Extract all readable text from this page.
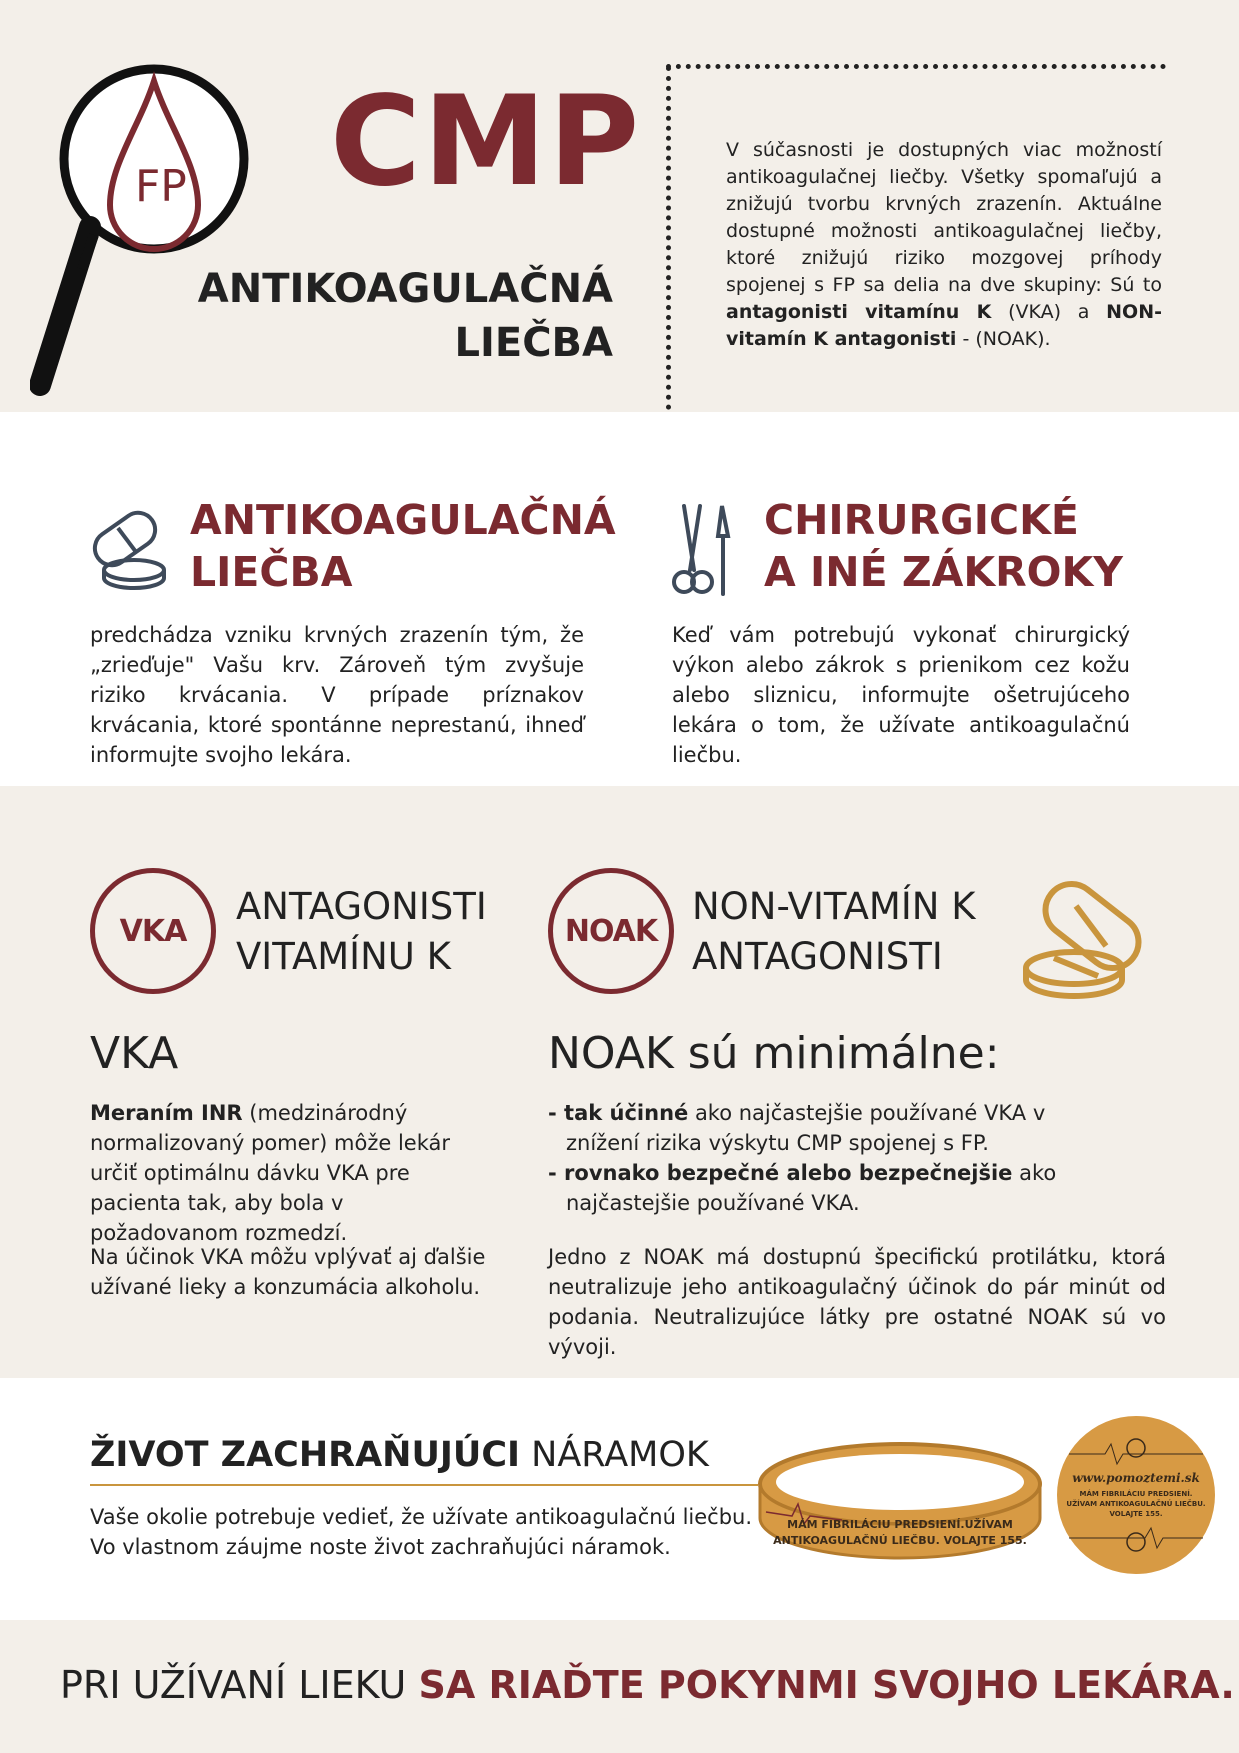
FP CMP
ANTIKOAGULAČNÁ
LIEČBA
V súčasnosti je dostupných viac možností antikoagulačnej liečby. Všetky spomaľujú a znižujú tvorbu krvných zrazenín. Aktuálne dostupné možnosti antikoagulačnej liečby, ktoré znižujú riziko mozgovej príhody spojenej s FP sa delia na dve skupiny: Sú to antagonisti vitamínu K (VKA) a NON-vitamín K antagonisti - (NOAK).
ANTIKOAGULAČNÁ
LIEČBA
predchádza vzniku krvných zrazenín tým, že „zrieďuje" Vašu krv. Zároveň tým zvyšuje riziko krvácania. V prípade príznakov krvácania, ktoré spontánne neprestanú, ihneď informujte svojho lekára.
CHIRURGICKÉ
A INÉ ZÁKROKY
Keď vám potrebujú vykonať chirurgický výkon alebo zákrok s prienikom cez kožu alebo sliznicu, informujte ošetrujúceho lekára o tom, že užívate antikoagulačnú liečbu.
VKA
ANTAGONISTI
VITAMÍNU K
VKA
Meraním INR (medzinárodný normalizovaný pomer) môže lekár určiť optimálnu dávku VKA pre pacienta tak, aby bola v požadovanom rozmedzí.
Na účinok VKA môžu vplývať aj ďalšie užívané lieky a konzumácia alkoholu.
NOAK
NON-VITAMÍN K
ANTAGONISTI
NOAK sú minimálne:
- tak účinné ako najčastejšie používané VKA v znížení rizika výskytu CMP spojenej s FP.
- rovnako bezpečné alebo bezpečnejšie ako najčastejšie používané VKA.
Jedno z NOAK má dostupnú špecifickú protilátku, ktorá neutralizuje jeho antikoagulačný účinok do pár minút od podania. Neutralizujúce látky pre ostatné NOAK sú vo vývoji.
ŽIVOT ZACHRAŇUJÚCI NÁRAMOK
Vaše okolie potrebuje vedieť, že užívate antikoagulačnú liečbu.
Vo vlastnom záujme noste život zachraňujúci náramok.
MÁM FIBRILÁCIU PREDSIENÍ.UŽÍVAM
ANTIKOAGULAČNÚ LIEČBU. VOLAJTE 155.
www.pomoztemi.sk
MÁM FIBRILÁCIU PREDSIENÍ.
UŽÍVAM ANTIKOAGULAČNÚ LIEČBU.
VOLAJTE 155.
PRI UŽÍVANÍ LIEKU SA RIAĎTE POKYNMI SVOJHO LEKÁRA.
